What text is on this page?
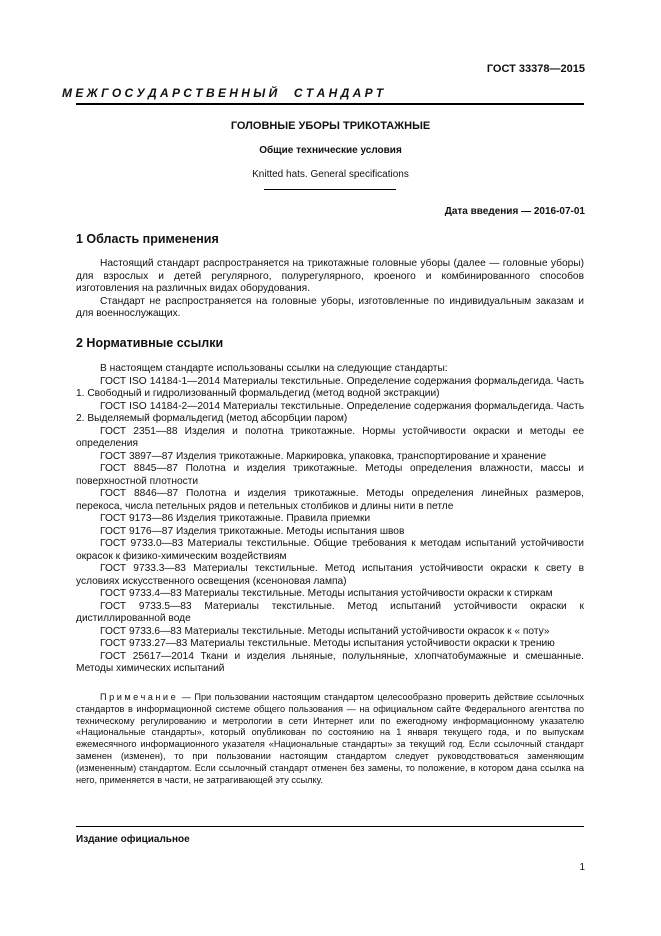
ГОСТ 33378—2015
М Е Ж Г О С У Д А Р С Т В Е Н Н Ы Й     С Т А Н Д А Р Т
ГОЛОВНЫЕ УБОРЫ ТРИКОТАЖНЫЕ
Общие технические условия
Knitted hats. General specifications
Дата введения — 2016-07-01
1 Область применения

Настоящий стандарт распространяется на трикотажные головные уборы (далее — головные уборы) для взрослых и детей регулярного, полурегулярного, кроеного и комбинированного способов изготовления на различных видах оборудования.

Стандарт не распространяется на головные уборы, изготовленные по индивидуальным заказам и для военнослужащих.

2 Нормативные ссылки

В настоящем стандарте использованы ссылки на следующие стандарты:

ГОСТ ISO 14184-1—2014 Материалы текстильные. Определение содержания формальдегида. Часть 1. Свободный и гидролизованный формальдегид (метод водной экстракции)

ГОСТ ISO 14184-2—2014 Материалы текстильные. Определение содержания формальдегида. Часть 2. Выделяемый формальдегид (метод абсорбции паром)

ГОСТ 2351—88 Изделия и полотна трикотажные. Нормы устойчивости окраски и методы ее определения

ГОСТ 3897—87 Изделия трикотажные. Маркировка, упаковка, транспортирование и хранение

ГОСТ 8845—87 Полотна и изделия трикотажные. Методы определения влажности, массы и поверхностной плотности

ГОСТ 8846—87 Полотна и изделия трикотажные. Методы определения линейных размеров, перекоса, числа петельных рядов и петельных столбиков и длины нити в петле

ГОСТ 9173—86 Изделия трикотажные. Правила приемки

ГОСТ 9176—87 Изделия трикотажные. Методы испытания швов

ГОСТ 9733.0—83 Материалы текстильные. Общие требования к методам испытаний устойчивости окрасок к физико-химическим воздействиям

ГОСТ 9733.3—83 Материалы текстильные. Метод испытания устойчивости окраски к свету в условиях искусственного освещения (ксеноновая лампа)

ГОСТ 9733.4—83 Материалы текстильные. Методы испытания устойчивости окраски к стиркам

ГОСТ 9733.5—83 Материалы текстильные. Метод испытаний устойчивости окраски к дистиллированной воде

ГОСТ 9733.6—83 Материалы текстильные. Методы испытаний устойчивости окрасок к « поту»

ГОСТ 9733.27—83 Материалы текстильные. Методы испытания устойчивости окраски к трению

ГОСТ 25617—2014 Ткани и изделия льняные, полульняные, хлопчатобумажные и смешанные. Методы химических испытаний

Примечание — При пользовании настоящим стандартом целесообразно проверить действие ссылочных стандартов в информационной системе общего пользования — на официальном сайте Федерального агентства по техническому регулированию и метрологии в сети Интернет или по ежегодному информационному указателю «Национальные стандарты», который опубликован по состоянию на 1 января текущего года, и по выпускам ежемесячного информационного указателя «Национальные стандарты» за текущий год. Если ссылочный стандарт заменен (изменен), то при пользовании настоящим стандартом следует руководствоваться заменяющим (измененным) стандартом. Если ссылочный стандарт отменен без замены, то положение, в котором дана ссылка на него, применяется в части, не затрагивающей эту ссылку.
Издание официальное
1
